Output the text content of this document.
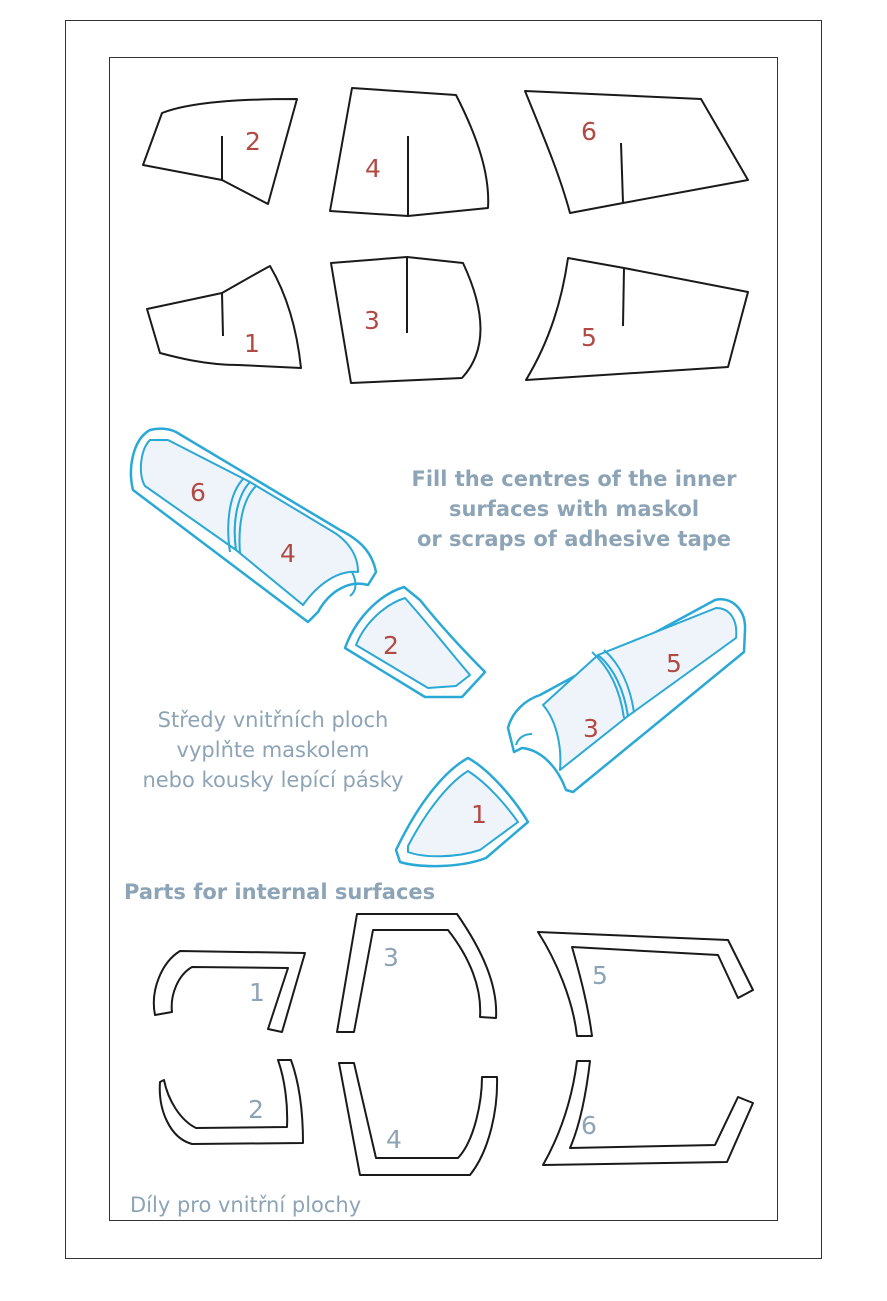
2
4
6
1
3
5
6
4
2
5
3
1
Fill the centres of the inner
surfaces with maskol
or scraps of adhesive tape
Středy vnitřních ploch
vyplňte maskolem
nebo kousky lepící pásky
Parts for internal surfaces
1
3
5
2
4	6
Díly pro vnitřní plochy
